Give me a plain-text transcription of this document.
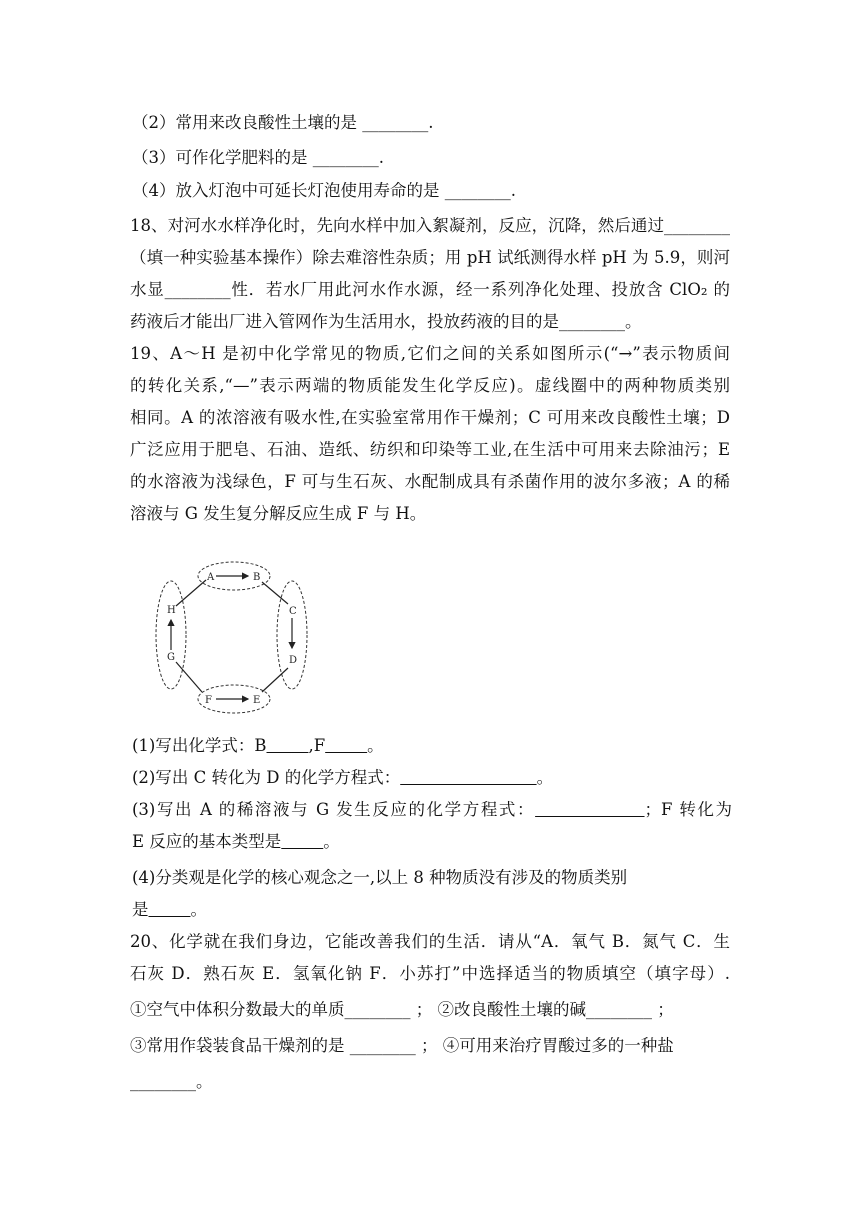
（2）常用来改良酸性土壤的是 ________.
（3）可作化学肥料的是 ________.
（4）放入灯泡中可延长灯泡使用寿命的是 ________.
18、对河水水样净化时，先向水样中加入絮凝剂，反应，沉降，然后通过________
（填一种实验基本操作）除去难溶性杂质；用 pH 试纸测得水样 pH 为 5.9，则河
水显________性．若水厂用此河水作水源，经一系列净化处理、投放含 ClO₂ 的
药液后才能出厂进入管网作为生活用水，投放药液的目的是________。
19、A～H 是初中化学常见的物质,它们之间的关系如图所示(“→”表示物质间
的转化关系,“—”表示两端的物质能发生化学反应)。虚线圈中的两种物质类别
相同。A 的浓溶液有吸水性,在实验室常用作干燥剂；C 可用来改良酸性土壤；D
广泛应用于肥皂、石油、造纸、纺织和印染等工业,在生活中可用来去除油污；E
的水溶液为浅绿色，F 可与生石灰、水配制成具有杀菌作用的波尔多液；A 的稀
溶液与 G 发生复分解反应生成 F 与 H。
A	B
C
D
E
F
G
H
(1)写出化学式：B	,F	。
(2)写出 C 转化为 D 的化学方程式：	。
(3)写出 A 的稀溶液与 G 发生反应的化学方程式：	；F 转化为
E 反应的基本类型是	。
(4)分类观是化学的核心观念之一,以上 8 种物质没有涉及的物质类别
是	。
20、化学就在我们身边，它能改善我们的生活．请从“A．氧气 B．氮气 C．生
石灰 D．熟石灰 E．氢氧化钠 F．小苏打”中选择适当的物质填空（填字母）.
①空气中体积分数最大的单质________ ； ②改良酸性土壤的碱________ ；
③常用作袋装食品干燥剂的是 ________ ； ④可用来治疗胃酸过多的一种盐
________。
